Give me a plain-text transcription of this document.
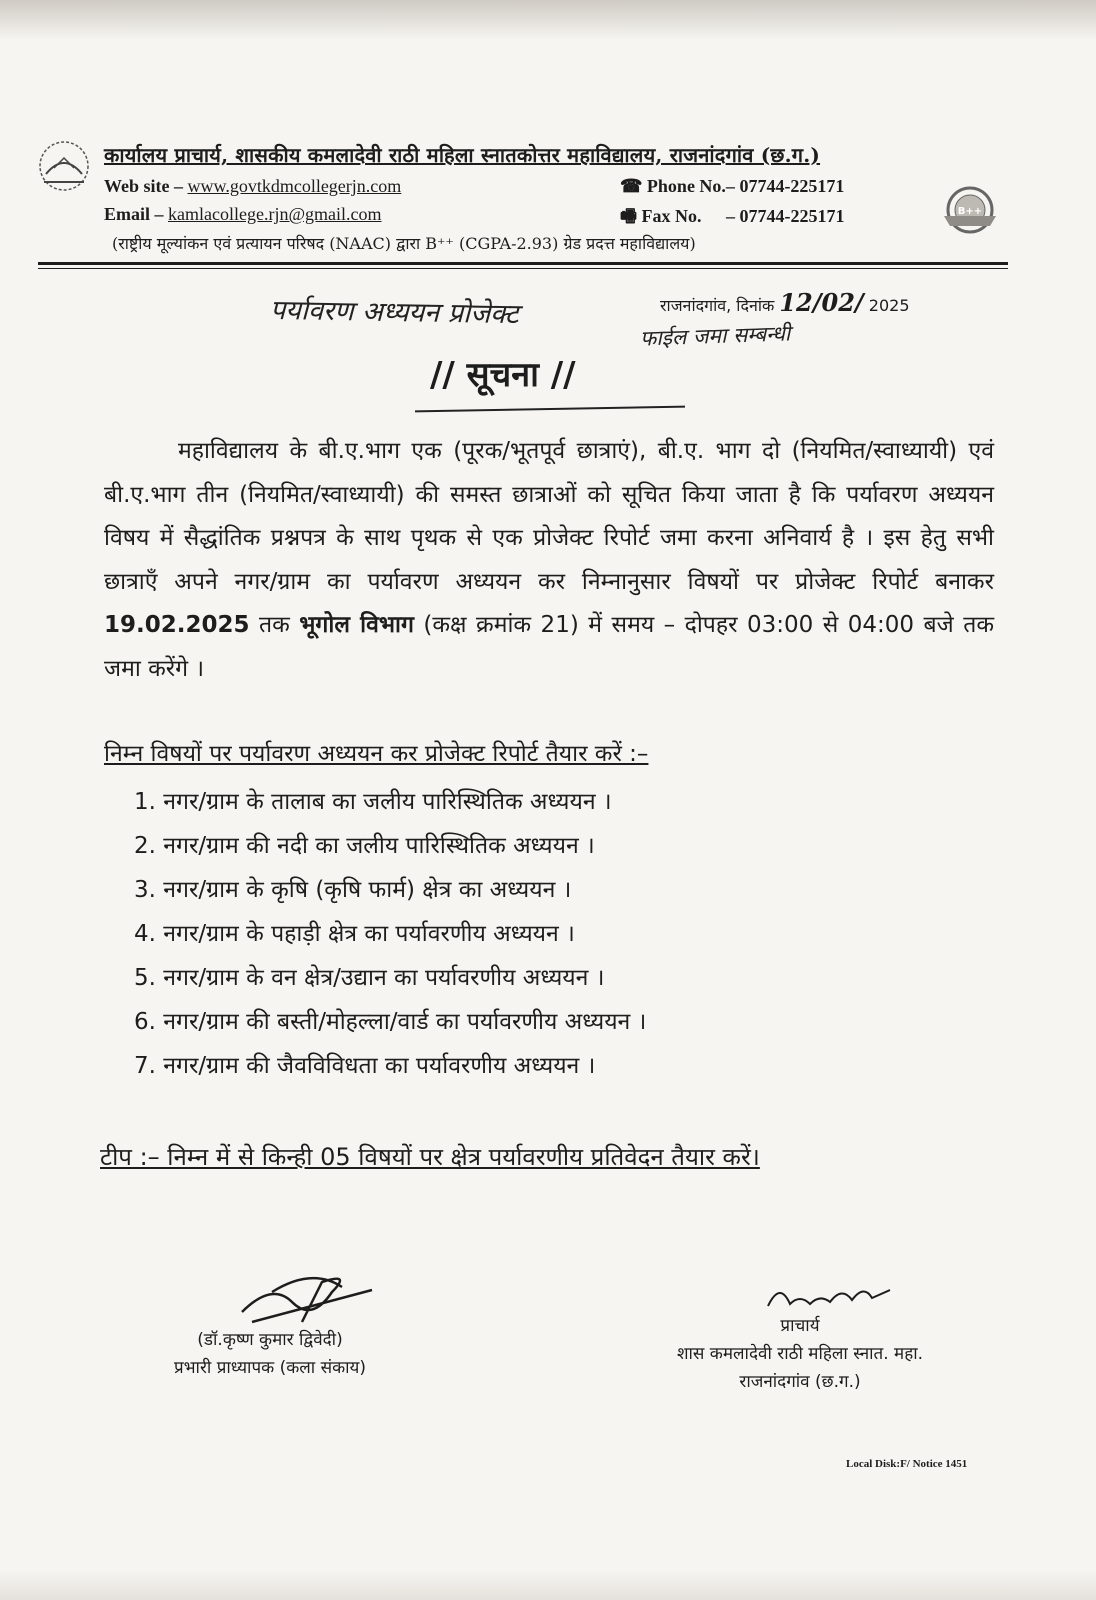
कार्यालय प्राचार्य, शासकीय कमलादेवी राठी महिला स्नातकोत्तर महाविद्यालय, राजनांदगांव (छ.ग.)
Web site – www.govtkdmcollegerjn.com
Email – kamlacollege.rjn@gmail.com
☎ Phone No.– 07744-225171
🖷 Fax No. – 07744-225171	B++
(राष्ट्रीय मूल्यांकन एवं प्रत्यायन परिषद (NAAC) द्वारा B⁺⁺ (CGPA-2.93) ग्रेड प्रदत्त महाविद्यालय)
पर्यावरण अध्ययन प्रोजेक्ट
फाईल जमा सम्बन्धी
राजनांदगांव, दिनांक 12/02/ 2025
// सूचना //
महाविद्यालय के बी.ए.भाग एक (पूरक/भूतपूर्व छात्राएं), बी.ए. भाग दो (नियमित/स्वाध्यायी) एवं बी.ए.भाग तीन (नियमित/स्वाध्यायी) की समस्त छात्राओं को सूचित किया जाता है कि पर्यावरण अध्ययन विषय में सैद्धांतिक प्रश्नपत्र के साथ पृथक से एक प्रोजेक्ट रिपोर्ट जमा करना अनिवार्य है । इस हेतु सभी छात्राएँ अपने नगर/ग्राम का पर्यावरण अध्ययन कर निम्नानुसार विषयों पर प्रोजेक्ट रिपोर्ट बनाकर 19.02.2025 तक भूगोल विभाग (कक्ष क्रमांक 21) में समय – दोपहर 03:00 से 04:00 बजे तक जमा करेंगे ।
निम्न विषयों पर पर्यावरण अध्ययन कर प्रोजेक्ट रिपोर्ट तैयार करें :–
1. नगर/ग्राम के तालाब का जलीय पारिस्थितिक अध्ययन ।
2. नगर/ग्राम की नदी का जलीय पारिस्थितिक अध्ययन ।
3. नगर/ग्राम के कृषि (कृषि फार्म) क्षेत्र का अध्ययन ।
4. नगर/ग्राम के पहाड़ी क्षेत्र का पर्यावरणीय अध्ययन ।
5. नगर/ग्राम के वन क्षेत्र/उद्यान का पर्यावरणीय अध्ययन ।
6. नगर/ग्राम की बस्ती/मोहल्ला/वार्ड का पर्यावरणीय अध्ययन ।
7. नगर/ग्राम की जैवविविधता का पर्यावरणीय अध्ययन ।
टीप :– निम्न में से किन्ही 05 विषयों पर क्षेत्र पर्यावरणीय प्रतिवेदन तैयार करें।
(डॉ.कृष्ण कुमार द्विवेदी)
प्रभारी प्राध्यापक (कला संकाय)
प्राचार्य
शास कमलादेवी राठी महिला स्नात. महा.
राजनांदगांव (छ.ग.)
Local Disk:F/ Notice 1451
